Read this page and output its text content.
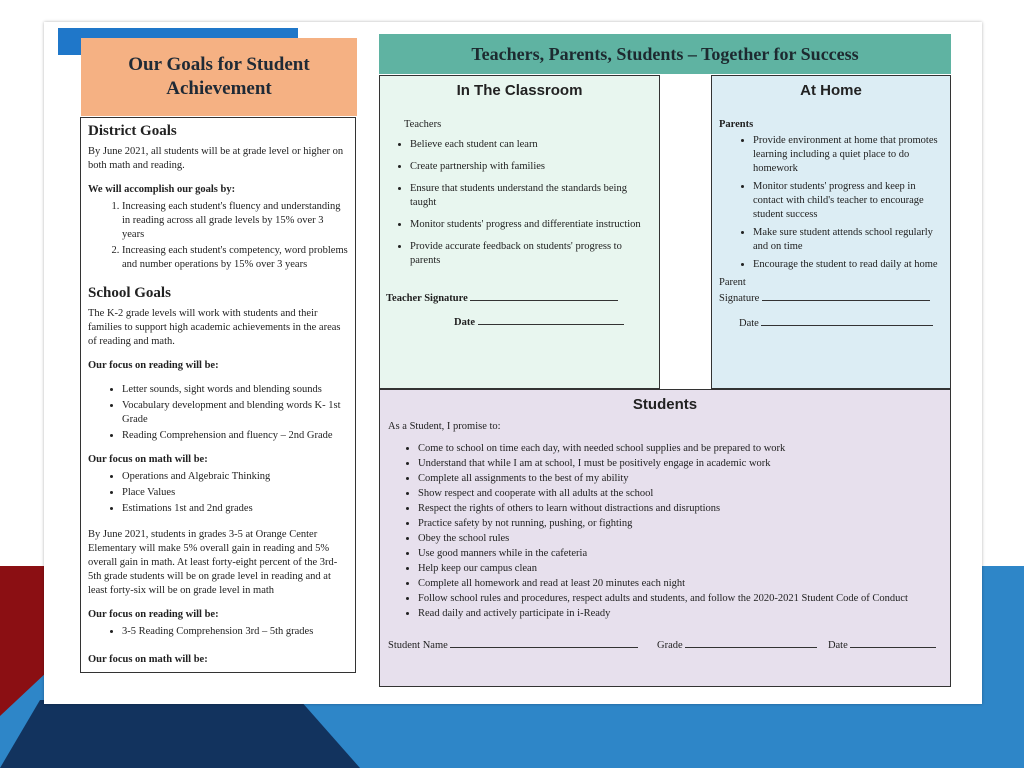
Our Goals for Student Achievement
District Goals

By June 2021, all students will be at grade level or higher on both math and reading.

We will accomplish our goals by:
1. Increasing each student's fluency and understanding in reading across all grade levels by 15% over 3 years
2. Increasing each student's competency, word problems and number operations by 15% over 3 years
School Goals

The K-2 grade levels will work with students and their families to support high academic achievements in the areas of reading and math.

Our focus on reading will be:
• Letter sounds, sight words and blending sounds
• Vocabulary development and blending words K- 1st Grade
• Reading Comprehension and fluency – 2nd Grade
Our focus on math will be:
• Operations and Algebraic Thinking
• Place Values
• Estimations 1st and 2nd grades

By June 2021, students in grades 3-5 at Orange Center Elementary will make 5% overall gain in reading and 5% overall gain in math. At least forty-eight percent of the 3rd-5th grade students will be on grade level in reading and at least forty-six will be on grade level in math

Our focus on reading will be:
• 3-5 Reading Comprehension 3rd – 5th grades
Our focus on math will be:
Teachers, Parents, Students – Together for Success
In The Classroom
Teachers
• Believe each student can learn
• Create partnership with families
• Ensure that students understand the standards being taught
• Monitor students' progress and differentiate instruction
• Provide accurate feedback on students' progress to parents
Teacher Signature
Date
At Home
Parents
• Provide environment at home that promotes learning including a quiet place to do homework
• Monitor students' progress and keep in contact with child's teacher to encourage student success
• Make sure student attends school regularly and on time
• Encourage the student to read daily at home
Parent
Signature
Date
Students
As a Student, I promise to:
• Come to school on time each day, with needed school supplies and be prepared to work
• Understand that while I am at school, I must be positively engage in academic work
• Complete all assignments to the best of my ability
• Show respect and cooperate with all adults at the school
• Respect the rights of others to learn without distractions and disruptions
• Practice safety by not running, pushing, or fighting
• Obey the school rules
• Use good manners while in the cafeteria
• Help keep our campus clean
• Complete all homework and read at least 20 minutes each night
• Follow school rules and procedures, respect adults and students, and follow the 2020-2021 Student Code of Conduct
• Read daily and actively participate in i-Ready
Student Name	Grade	Date
